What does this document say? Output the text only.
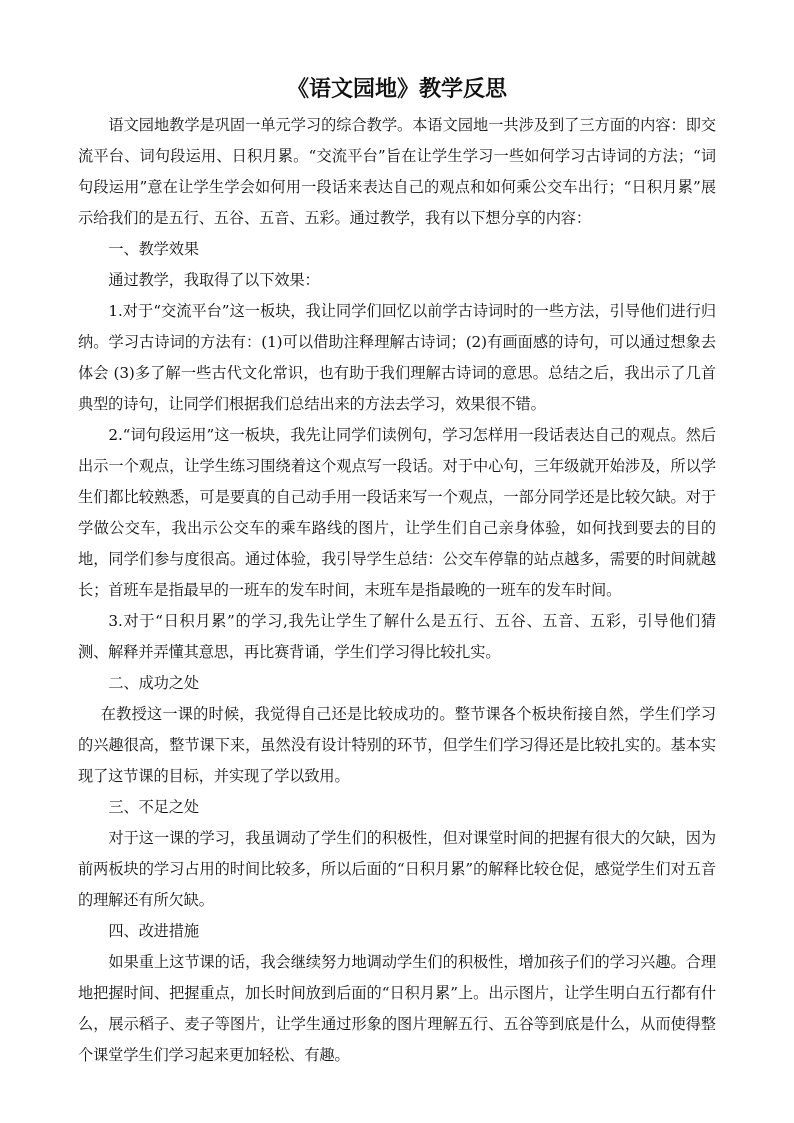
《语文园地》教学反思

语文园地教学是巩固一单元学习的综合教学。本语文园地一共涉及到了三方面的内容：即交流平台、词句段运用、日积月累。“交流平台”旨在让学生学习一些如何学习古诗词的方法；“词句段运用”意在让学生学会如何用一段话来表达自己的观点和如何乘公交车出行；“日积月累”展示给我们的是五行、五谷、五音、五彩。通过教学，我有以下想分享的内容：

一、教学效果

通过教学，我取得了以下效果：

1.对于“交流平台”这一板块，我让同学们回忆以前学古诗词时的一些方法，引导他们进行归纳。学习古诗词的方法有：(1)可以借助注释理解古诗词；(2)有画面感的诗句，可以通过想象去体会 (3)多了解一些古代文化常识，也有助于我们理解古诗词的意思。总结之后，我出示了几首典型的诗句，让同学们根据我们总结出来的方法去学习，效果很不错。

2.“词句段运用”这一板块，我先让同学们读例句，学习怎样用一段话表达自己的观点。然后出示一个观点，让学生练习围绕着这个观点写一段话。对于中心句，三年级就开始涉及，所以学生们都比较熟悉，可是要真的自己动手用一段话来写一个观点，一部分同学还是比较欠缺。对于学做公交车，我出示公交车的乘车路线的图片，让学生们自己亲身体验，如何找到要去的目的地，同学们参与度很高。通过体验，我引导学生总结：公交车停靠的站点越多，需要的时间就越长；首班车是指最早的一班车的发车时间，末班车是指最晚的一班车的发车时间。

3.对于“日积月累”的学习,我先让学生了解什么是五行、五谷、五音、五彩，引导他们猜测、解释并弄懂其意思，再比赛背诵，学生们学习得比较扎实。

二、成功之处

在教授这一课的时候，我觉得自己还是比较成功的。整节课各个板块衔接自然，学生们学习的兴趣很高，整节课下来，虽然没有设计特别的环节，但学生们学习得还是比较扎实的。基本实现了这节课的目标，并实现了学以致用。

三、不足之处

对于这一课的学习，我虽调动了学生们的积极性，但对课堂时间的把握有很大的欠缺，因为前两板块的学习占用的时间比较多，所以后面的“日积月累”的解释比较仓促，感觉学生们对五音的理解还有所欠缺。

四、改进措施

如果重上这节课的话，我会继续努力地调动学生们的积极性，增加孩子们的学习兴趣。合理地把握时间、把握重点，加长时间放到后面的“日积月累”上。出示图片，让学生明白五行都有什么，展示稻子、麦子等图片，让学生通过形象的图片理解五行、五谷等到底是什么，从而使得整个课堂学生们学习起来更加轻松、有趣。
